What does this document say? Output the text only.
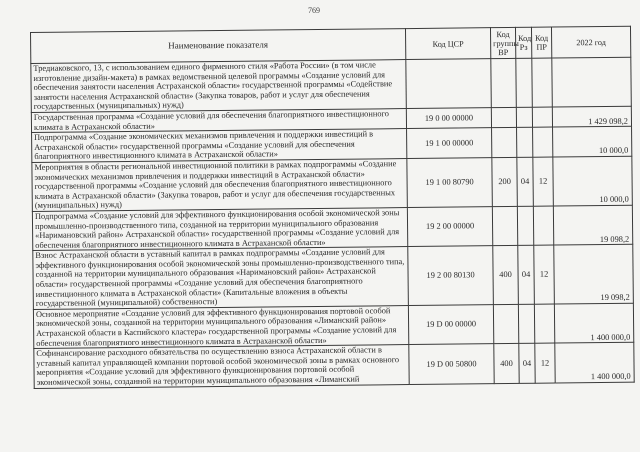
769
Наименование показателя	Код ЦСР	Код группы ВР	Код Рз	Код ПР	2022 год
Тредиаковского, 13, с использованием единого фирменного стиля «Работа России» (в том числе изготовление дизайн-макета) в рамках ведомственной целевой программы «Создание условий для обеспечения занятости населения Астраханской области» государственной программы «Содействие занятости населения Астраханской области» (Закупка товаров, работ и услуг для обеспечения государственных (муниципальных) нужд)					
Государственная программа «Создание условий для обеспечения благоприятного инвестиционного климата в Астраханской области»	19 0 00 00000				1 429 098,2
Подпрограмма «Создание экономических механизмов привлечения и поддержки инвестиций в Астраханской области» государственной программы «Создание условий для обеспечения благоприятного инвестиционного климата в Астраханской области»	19 1 00 00000				10 000,0
Мероприятия в области региональной инвестиционной политики в рамках подпрограммы «Создание экономических механизмов привлечения и поддержки инвестиций в Астраханской области» государственной программы «Создание условий для обеспечения благоприятного инвестиционного климата в Астраханской области» (Закупка товаров, работ и услуг для обеспечения государственных (муниципальных) нужд)	19 1 00 80790	200	04	12	10 000,0
Подпрограмма «Создание условий для эффективного функционирования особой экономической зоны промышленно-производственного типа, созданной на территории муниципального образования «Наримановский район» Астраханской области» государственной программы «Создание условий для обеспечения благоприятного инвестиционного климата в Астраханской области»	19 2 00 00000				19 098,2
Взнос Астраханской области в уставный капитал в рамках подпрограммы «Создание условий для эффективного функционирования особой экономической зоны промышленно-производственного типа, созданной на территории муниципального образования «Наримановский район» Астраханской области» государственной программы «Создание условий для обеспечения благоприятного инвестиционного климата в Астраханской области» (Капитальные вложения в объекты государственной (муниципальной) собственности)	19 2 00 80130	400	04	12	19 098,2
Основное мероприятие «Создание условий для эффективного функционирования портовой особой экономической зоны, созданной на территории муниципального образования «Лиманский район» Астраханской области в Каспийского кластера» государственной программы «Создание условий для обеспечения благоприятного инвестиционного климата в Астраханской области»	19 D 00 00000				1 400 000,0
Софинансирование расходного обязательства по осуществлению взноса Астраханской области в уставный капитал управляющей компании портовой особой экономической зоны в рамках основного мероприятия «Создание условий для эффективного функционирования портовой особой экономической зоны, созданной на территории муниципального образования «Лиманский	19 D 00 50800	400	04	12	1 400 000,0
